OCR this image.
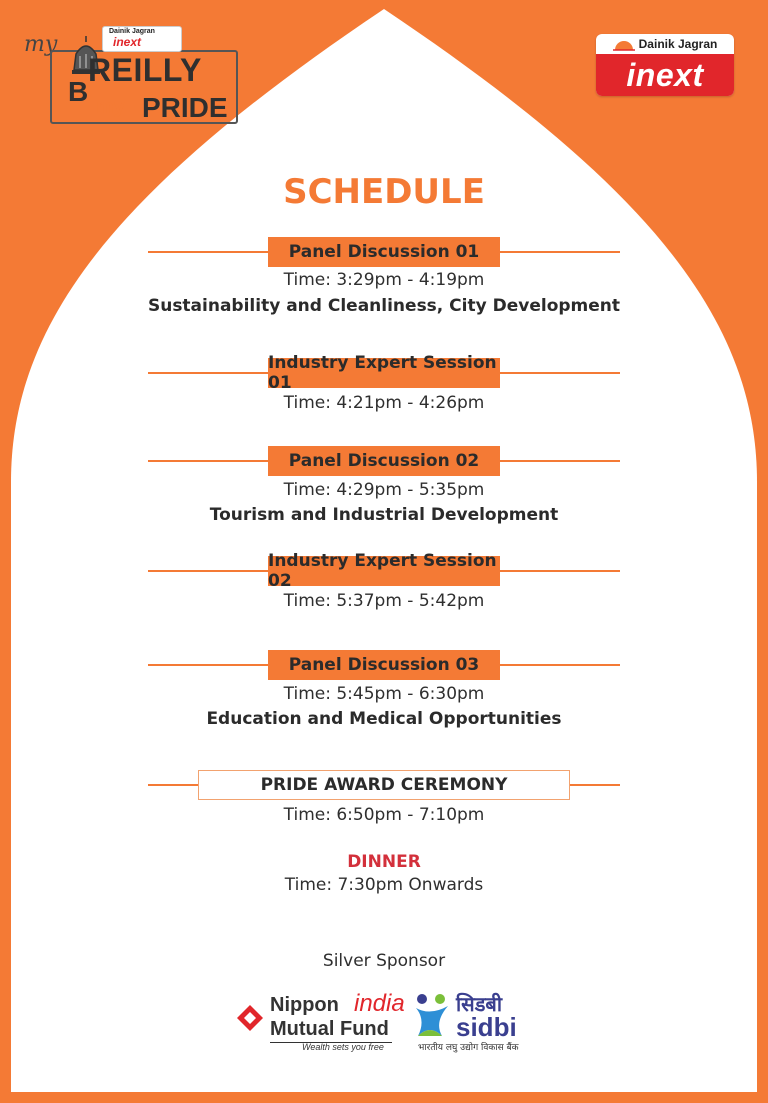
my
B
REILLY
my PRIDE
Dainik Jagran
inext	Dainik Jagran
inext
SCHEDULE
Panel Discussion 01
Time: 3:29pm - 4:19pm
Sustainability and Cleanliness, City Development
Industry Expert Session 01
Time: 4:21pm - 4:26pm
Panel Discussion 02
Time: 4:29pm - 5:35pm
Tourism and Industrial Development
Industry Expert Session 02
Time: 5:37pm - 5:42pm
Panel Discussion 03
Time: 5:45pm - 6:30pm
Education and Medical Opportunities
PRIDE AWARD CEREMONY
Time: 6:50pm - 7:10pm
DINNER
Time: 7:30pm Onwards
Silver Sponsor
Nippon india
Mutual Fund
Wealth sets you free
सिडबी
sidbi
भारतीय लघु उद्योग विकास बैंक
